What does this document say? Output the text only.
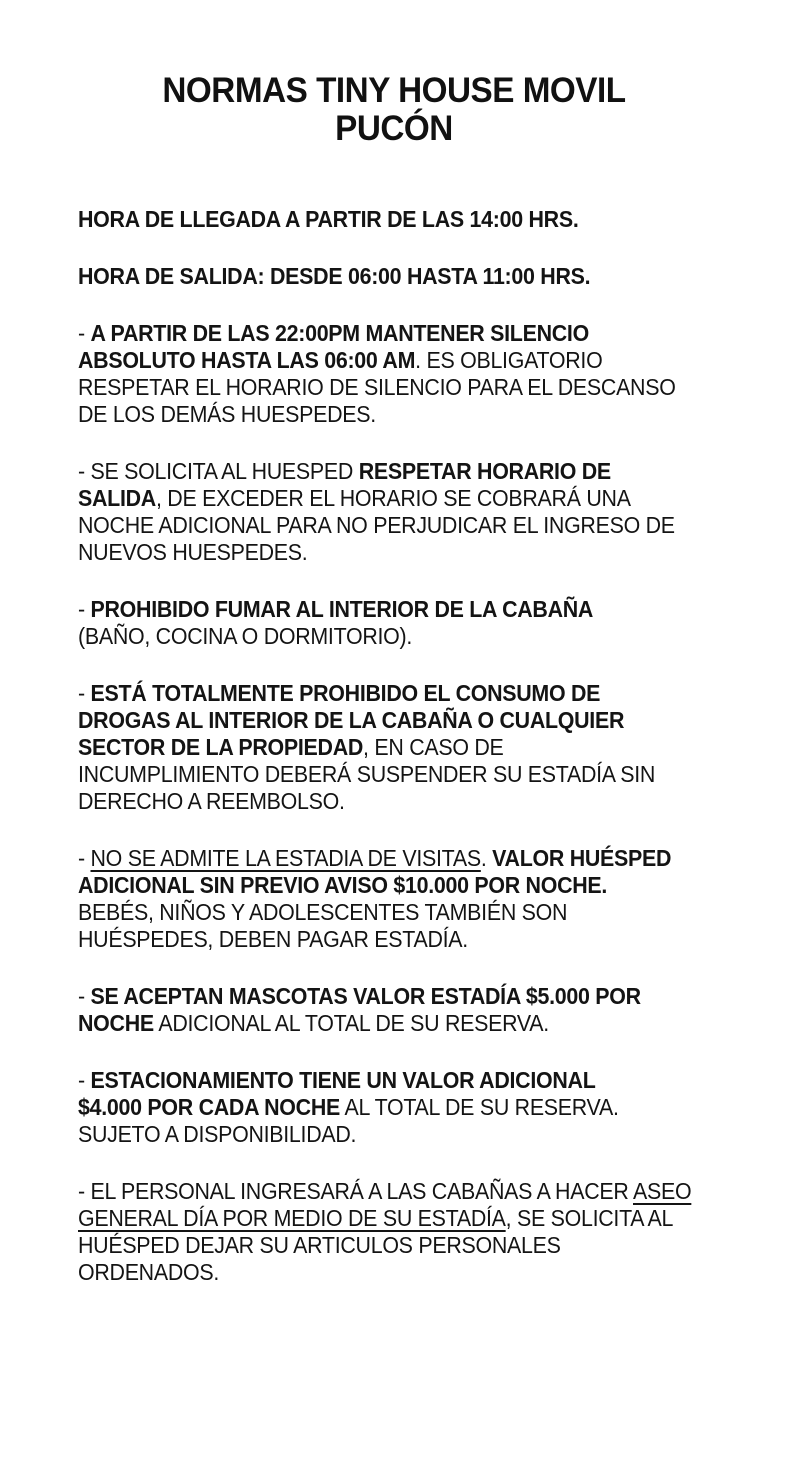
NORMAS TINY HOUSE MOVIL
PUCÓN
HORA DE LLEGADA A PARTIR DE LAS 14:00 HRS.
HORA DE SALIDA: DESDE 06:00 HASTA 11:00 HRS.
- A PARTIR DE LAS 22:00PM MANTENER SILENCIO
ABSOLUTO HASTA LAS 06:00 AM. ES OBLIGATORIO
RESPETAR EL HORARIO DE SILENCIO PARA EL DESCANSO
DE LOS DEMÁS HUESPEDES.
- SE SOLICITA AL HUESPED RESPETAR HORARIO DE
SALIDA, DE EXCEDER EL HORARIO SE COBRARÁ UNA
NOCHE ADICIONAL PARA NO PERJUDICAR EL INGRESO DE
NUEVOS HUESPEDES.
- PROHIBIDO FUMAR AL INTERIOR DE LA CABAÑA
(BAÑO, COCINA O DORMITORIO).
- ESTÁ TOTALMENTE PROHIBIDO EL CONSUMO DE
DROGAS AL INTERIOR DE LA CABAÑA O CUALQUIER
SECTOR DE LA PROPIEDAD, EN CASO DE
INCUMPLIMIENTO DEBERÁ SUSPENDER SU ESTADÍA SIN
DERECHO A REEMBOLSO.
- NO SE ADMITE LA ESTADIA DE VISITAS. VALOR HUÉSPED
ADICIONAL SIN PREVIO AVISO $10.000 POR NOCHE.
BEBÉS, NIÑOS Y ADOLESCENTES TAMBIÉN SON
HUÉSPEDES, DEBEN PAGAR ESTADÍA.
- SE ACEPTAN MASCOTAS VALOR ESTADÍA $5.000 POR
NOCHE ADICIONAL AL TOTAL DE SU RESERVA.
- ESTACIONAMIENTO TIENE UN VALOR ADICIONAL
$4.000 POR CADA NOCHE AL TOTAL DE SU RESERVA.
SUJETO A DISPONIBILIDAD.
- EL PERSONAL INGRESARÁ A LAS CABAÑAS A HACER ASEO
GENERAL DÍA POR MEDIO DE SU ESTADÍA, SE SOLICITA AL
HUÉSPED DEJAR SU ARTICULOS PERSONALES
ORDENADOS.
